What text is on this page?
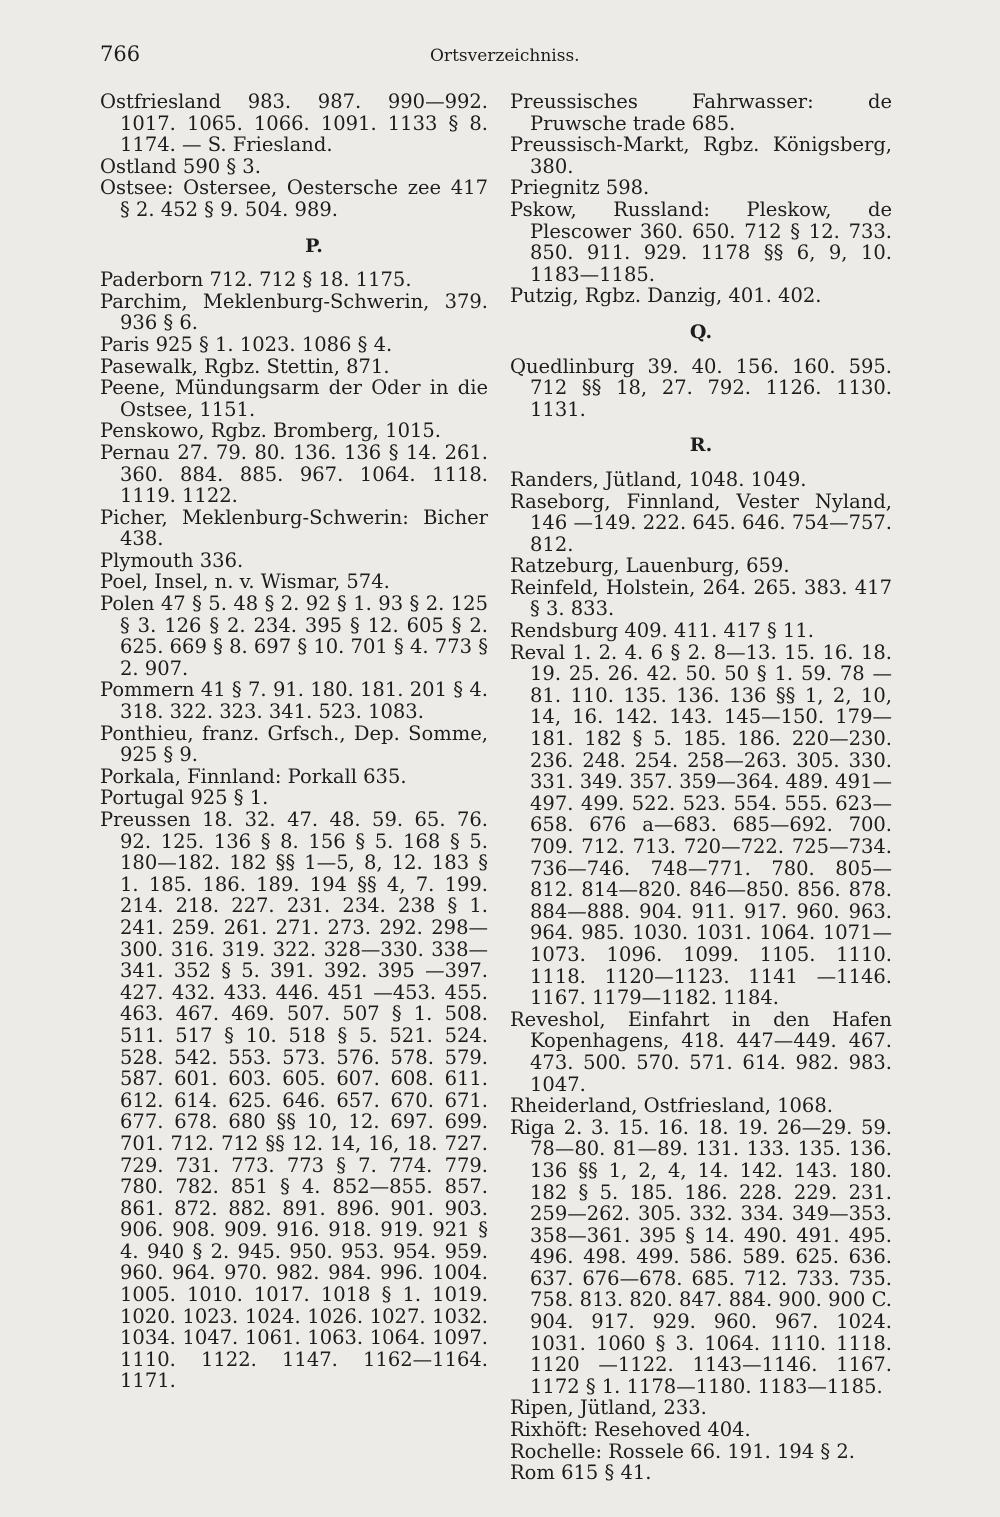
766	Ortsverzeichniss.
Ostfriesland 983. 987. 990—992. 1017. 1065. 1066. 1091. 1133 § 8. 1174. — S. Friesland.
Ostland 590 § 3.
Ostsee: Ostersee, Oestersche zee 417 § 2. 452 § 9. 504. 989.
P.
Paderborn 712. 712 § 18. 1175.
Parchim, Meklenburg-Schwerin, 379. 936 § 6.
Paris 925 § 1. 1023. 1086 § 4.
Pasewalk, Rgbz. Stettin, 871.
Peene, Mündungsarm der Oder in die Ostsee, 1151.
Penskowo, Rgbz. Bromberg, 1015.
Pernau 27. 79. 80. 136. 136 § 14. 261. 360. 884. 885. 967. 1064. 1118. 1119. 1122.
Picher, Meklenburg-Schwerin: Bicher 438.
Plymouth 336.
Poel, Insel, n. v. Wismar, 574.
Polen 47 § 5. 48 § 2. 92 § 1. 93 § 2. 125 § 3. 126 § 2. 234. 395 § 12. 605 § 2. 625. 669 § 8. 697 § 10. 701 § 4. 773 § 2. 907.
Pommern 41 § 7. 91. 180. 181. 201 § 4. 318. 322. 323. 341. 523. 1083.
Ponthieu, franz. Grfsch., Dep. Somme, 925 § 9.
Porkala, Finnland: Porkall 635.
Portugal 925 § 1.
Preussen 18. 32. 47. 48. 59. 65. 76. 92. 125. 136 § 8. 156 § 5. 168 § 5. 180—182. 182 §§ 1—5, 8, 12. 183 § 1. 185. 186. 189. 194 §§ 4, 7. 199. 214. 218. 227. 231. 234. 238 § 1. 241. 259. 261. 271. 273. 292. 298—300. 316. 319. 322. 328—330. 338—341. 352 § 5. 391. 392. 395 —397. 427. 432. 433. 446. 451 —453. 455. 463. 467. 469. 507. 507 § 1. 508. 511. 517 § 10. 518 § 5. 521. 524. 528. 542. 553. 573. 576. 578. 579. 587. 601. 603. 605. 607. 608. 611. 612. 614. 625. 646. 657. 670. 671. 677. 678. 680 §§ 10, 12. 697. 699. 701. 712. 712 §§ 12. 14, 16, 18. 727. 729. 731. 773. 773 § 7. 774. 779. 780. 782. 851 § 4. 852—855. 857. 861. 872. 882. 891. 896. 901. 903. 906. 908. 909. 916. 918. 919. 921 § 4. 940 § 2. 945. 950. 953. 954. 959. 960. 964. 970. 982. 984. 996. 1004. 1005. 1010. 1017. 1018 § 1. 1019. 1020. 1023. 1024. 1026. 1027. 1032. 1034. 1047. 1061. 1063. 1064. 1097. 1110. 1122. 1147. 1162—1164. 1171.
Preussisches Fahrwasser: de Pruwsche trade 685.
Preussisch-Markt, Rgbz. Königsberg, 380.
Priegnitz 598.
Pskow, Russland: Pleskow, de Plescower 360. 650. 712 § 12. 733. 850. 911. 929. 1178 §§ 6, 9, 10. 1183—1185.
Putzig, Rgbz. Danzig, 401. 402.
Q.
Quedlinburg 39. 40. 156. 160. 595. 712 §§ 18, 27. 792. 1126. 1130. 1131.
R.
Randers, Jütland, 1048. 1049.
Raseborg, Finnland, Vester Nyland, 146 —149. 222. 645. 646. 754—757. 812.
Ratzeburg, Lauenburg, 659.
Reinfeld, Holstein, 264. 265. 383. 417 § 3. 833.
Rendsburg 409. 411. 417 § 11.
Reval 1. 2. 4. 6 § 2. 8—13. 15. 16. 18. 19. 25. 26. 42. 50. 50 § 1. 59. 78 —81. 110. 135. 136. 136 §§ 1, 2, 10, 14, 16. 142. 143. 145—150. 179—181. 182 § 5. 185. 186. 220—230. 236. 248. 254. 258—263. 305. 330. 331. 349. 357. 359—364. 489. 491—497. 499. 522. 523. 554. 555. 623—658. 676 a—683. 685—692. 700. 709. 712. 713. 720—722. 725—734. 736—746. 748—771. 780. 805—812. 814—820. 846—850. 856. 878. 884—888. 904. 911. 917. 960. 963. 964. 985. 1030. 1031. 1064. 1071—1073. 1096. 1099. 1105. 1110. 1118. 1120—1123. 1141 —1146. 1167. 1179—1182. 1184.
Reveshol, Einfahrt in den Hafen Kopenhagens, 418. 447—449. 467. 473. 500. 570. 571. 614. 982. 983. 1047.
Rheiderland, Ostfriesland, 1068.
Riga 2. 3. 15. 16. 18. 19. 26—29. 59. 78—80. 81—89. 131. 133. 135. 136. 136 §§ 1, 2, 4, 14. 142. 143. 180. 182 § 5. 185. 186. 228. 229. 231. 259—262. 305. 332. 334. 349—353. 358—361. 395 § 14. 490. 491. 495. 496. 498. 499. 586. 589. 625. 636. 637. 676—678. 685. 712. 733. 735. 758. 813. 820. 847. 884. 900. 900 C. 904. 917. 929. 960. 967. 1024. 1031. 1060 § 3. 1064. 1110. 1118. 1120 —1122. 1143—1146. 1167. 1172 § 1. 1178—1180. 1183—1185.
Ripen, Jütland, 233.
Rixhöft: Resehoved 404.
Rochelle: Rossele 66. 191. 194 § 2.
Rom 615 § 41.
